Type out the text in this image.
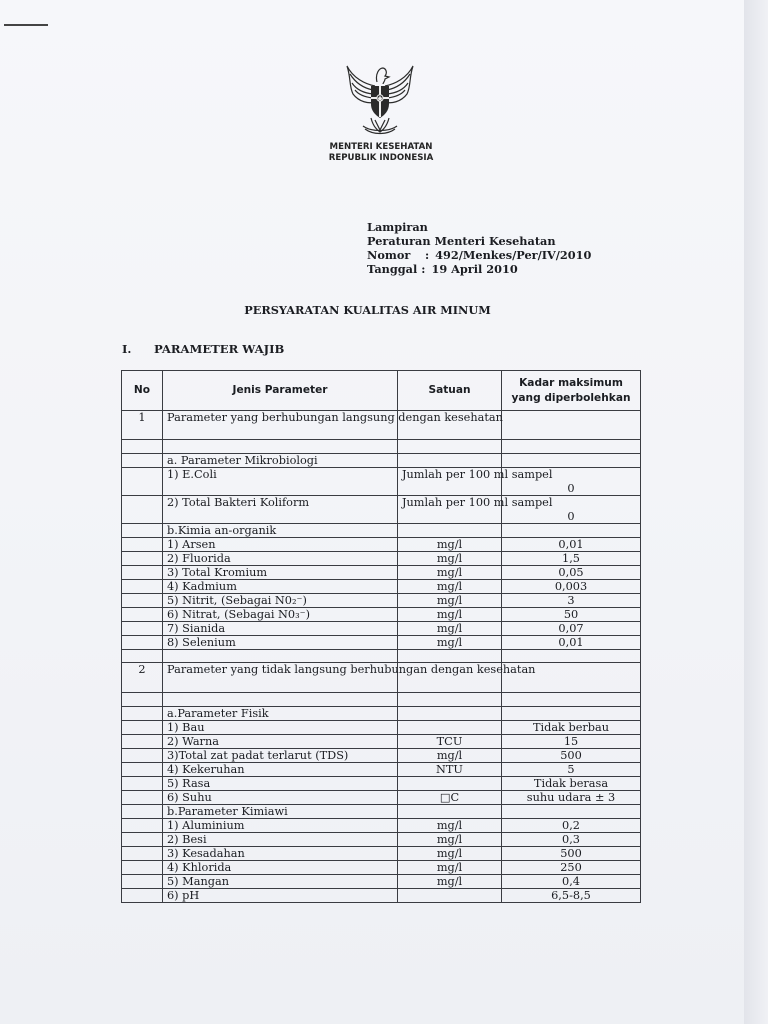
MENTERI KESEHATAN
REPUBLIK INDONESIA
Lampiran
Peraturan Menteri Kesehatan
Nomor	: 492/Menkes/Per/IV/2010
Tanggal : 19 April 2010
PERSYARATAN KUALITAS AIR MINUM
I. PARAMETER WAJIB
No	Jenis Parameter	Satuan	Kadar maksimum yang diperbolehkan
1	Parameter yang berhubungan langsung dengan kesehatan		

	a. Parameter Mikrobiologi		
	1) E.Coli	Jumlah per 100 ml sampel	0
	2) Total Bakteri Koliform	Jumlah per 100 ml sampel	0
	b.Kimia an-organik		
	1) Arsen	mg/l	0,01
	2) Fluorida	mg/l	1,5
	3) Total Kromium	mg/l	0,05
	4) Kadmium	mg/l	0,003
	5) Nitrit, (Sebagai N0₂⁻)	mg/l	3
	6) Nitrat, (Sebagai N0₃⁻)	mg/l	50
	7) Sianida	mg/l	0,07
	8) Selenium	mg/l	0,01

2	Parameter yang tidak langsung berhubungan dengan kesehatan		

	a.Parameter Fisik		
	1) Bau		Tidak berbau
	2) Warna	TCU	15
	3)Total zat padat terlarut (TDS)	mg/l	500
	4) Kekeruhan	NTU	5
	5) Rasa		Tidak berasa
	6) Suhu	□C	suhu udara ± 3
	b.Parameter Kimiawi		
	1) Aluminium	mg/l	0,2
	2) Besi	mg/l	0,3
	3) Kesadahan	mg/l	500
	4) Khlorida	mg/l	250
	5) Mangan	mg/l	0,4
	6) pH		6,5-8,5
